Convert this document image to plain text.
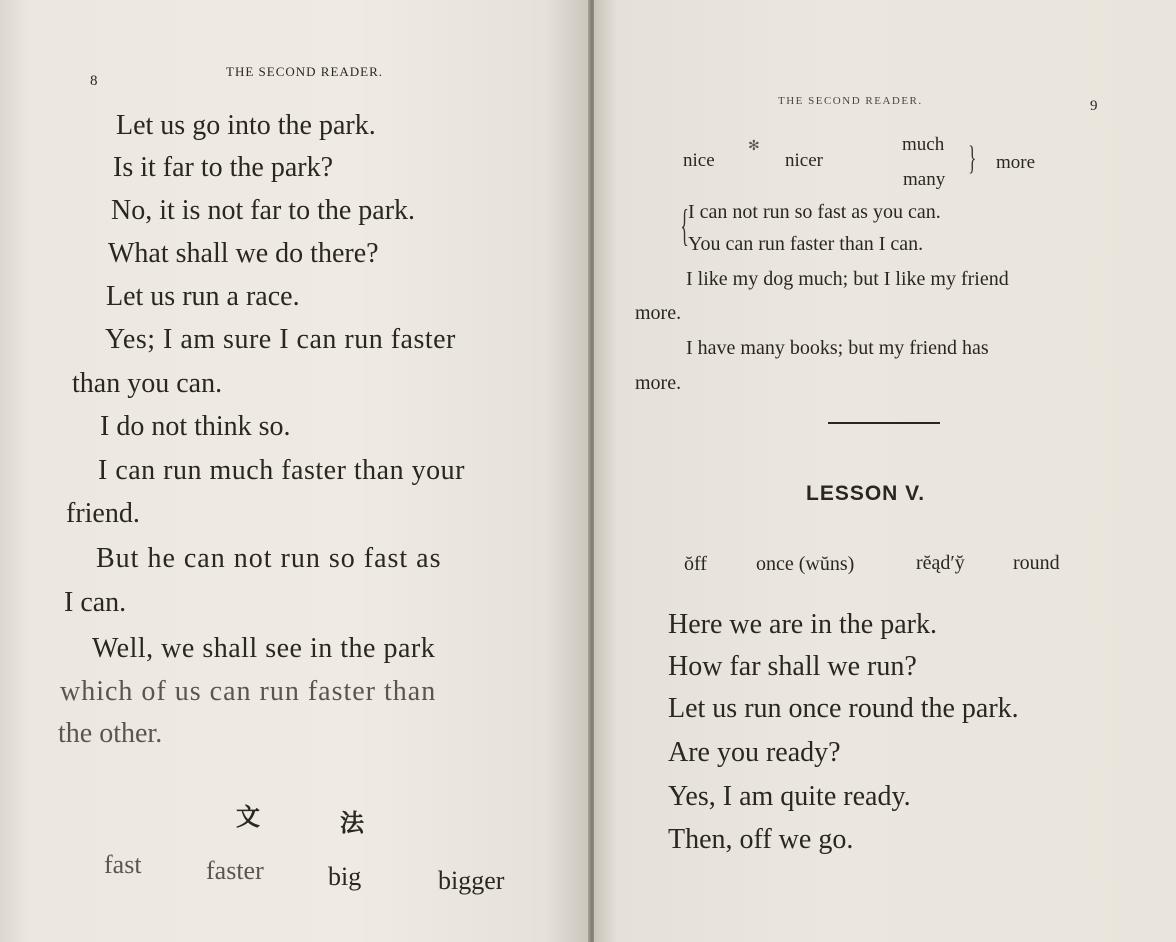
8
THE SECOND READER.
Let us go into the park.
Is it far to the park?
No, it is not far to the park.
What shall we do there?
Let us run a race.
Yes; I am sure I can run faster
than you can.
I do not think so.
I can run much faster than your
friend.
But he can not run so fast as
I can.
Well, we shall see in the park
which of us can run faster than
the other.
文	法
fast faster big	bigger
THE SECOND READER.	9
nice
✻
nicer
much
many
} more
{ I can not run so fast as you can.
You can run faster than I can.
I like my dog much; but I like my friend
more.
I have many books; but my friend has
more.
LESSON V.
ŏff once (wŭns)	rĕąd′y̆ round
Here we are in the park.
How far shall we run?
Let us run once round the park.
Are you ready?
Yes, I am quite ready.
Then, off we go.
